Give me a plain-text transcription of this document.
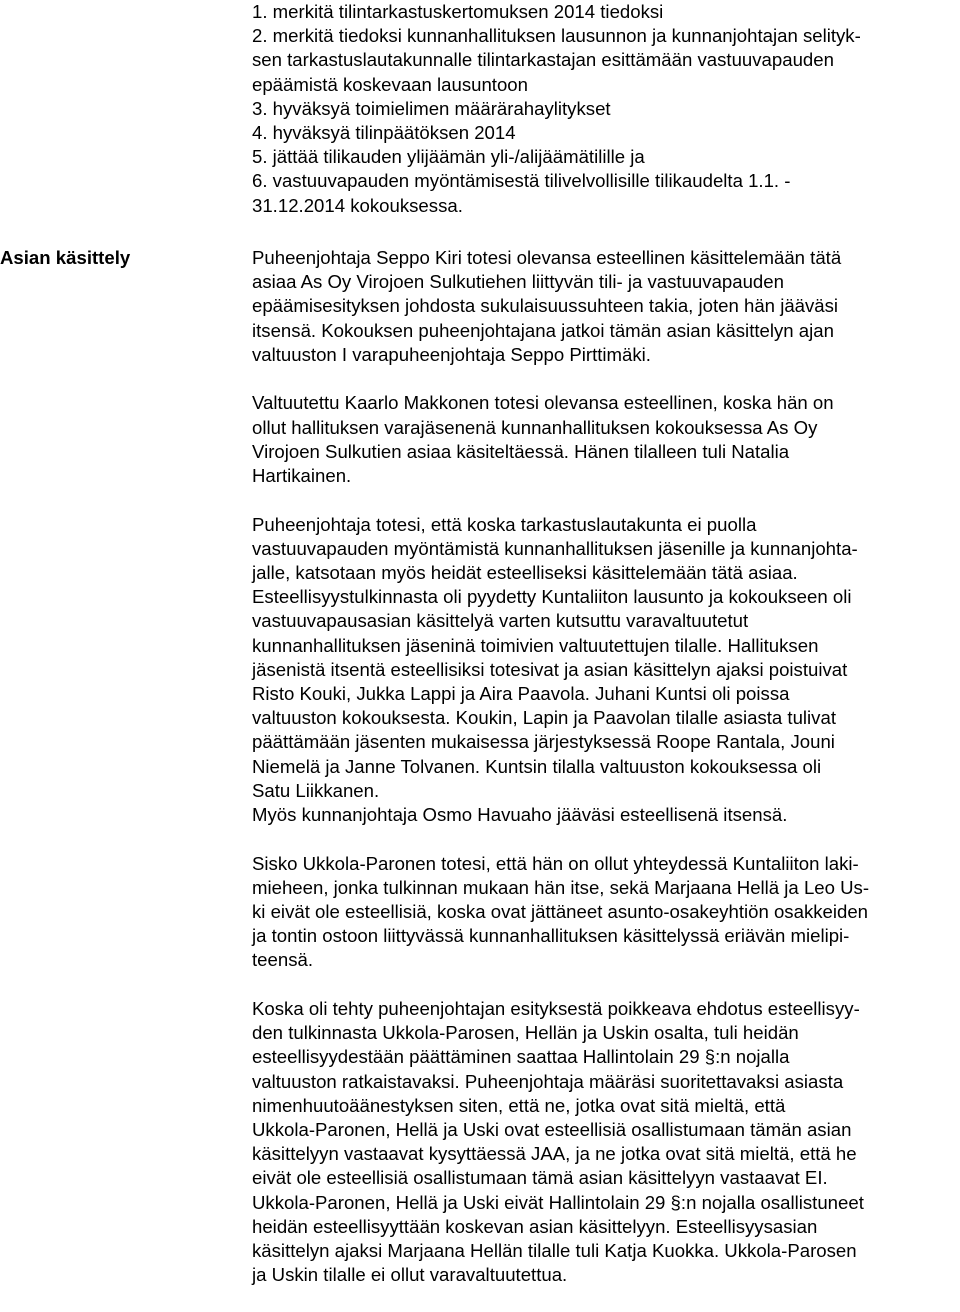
1. merkitä tilintarkastuskertomuksen 2014 tiedoksi
2. merkitä tiedoksi kunnanhallituksen lausunnon ja kunnanjohtajan selityk-
sen tarkastuslautakunnalle tilintarkastajan esittämään vastuuvapauden
epäämistä koskevaan lausuntoon
3. hyväksyä toimielimen määrärahaylitykset
4. hyväksyä tilinpäätöksen 2014
5. jättää tilikauden ylijäämän yli-/alijäämätilille ja
6. vastuuvapauden myöntämisestä tilivelvollisille tilikaudelta 1.1. -
31.12.2014 kokouksessa.
Asian käsittely	Puheenjohtaja Seppo Kiri totesi olevansa esteellinen käsittelemään tätä
asiaa As Oy Virojoen Sulkutiehen liittyvän tili- ja vastuuvapauden
epäämisesityksen johdosta sukulaisuussuhteen takia, joten hän jääväsi
itsensä. Kokouksen puheenjohtajana jatkoi tämän asian käsittelyn ajan
valtuuston I varapuheenjohtaja Seppo Pirttimäki.

Valtuutettu Kaarlo Makkonen totesi olevansa esteellinen, koska hän on
ollut hallituksen varajäsenenä kunnanhallituksen kokouksessa As Oy
Virojoen Sulkutien asiaa käsiteltäessä. Hänen tilalleen tuli Natalia
Hartikainen.

Puheenjohtaja totesi, että koska tarkastuslautakunta ei puolla
vastuuvapauden myöntämistä kunnanhallituksen jäsenille ja kunnanjohta-
jalle, katsotaan myös heidät esteelliseksi käsittelemään tätä asiaa.
Esteellisyystulkinnasta oli pyydetty Kuntaliiton lausunto ja kokoukseen oli
vastuuvapausasian käsittelyä varten kutsuttu varavaltuutetut
kunnanhallituksen jäseninä toimivien valtuutettujen tilalle. Hallituksen
jäsenistä itsentä esteellisiksi totesivat ja asian käsittelyn ajaksi poistuivat
Risto Kouki, Jukka Lappi ja Aira Paavola. Juhani Kuntsi oli poissa
valtuuston kokouksesta. Koukin, Lapin ja Paavolan tilalle asiasta tulivat
päättämään jäsenten mukaisessa järjestyksessä Roope Rantala, Jouni
Niemelä ja Janne Tolvanen. Kuntsin tilalla valtuuston kokouksessa oli
Satu Liikkanen.
Myös kunnanjohtaja Osmo Havuaho jääväsi esteellisenä itsensä.

Sisko Ukkola-Paronen totesi, että hän on ollut yhteydessä Kuntaliiton laki-
mieheen, jonka tulkinnan mukaan hän itse, sekä Marjaana Hellä ja Leo Us-
ki eivät ole esteellisiä, koska ovat jättäneet asunto-osakeyhtiön osakkeiden
ja tontin ostoon liittyvässä kunnanhallituksen käsittelyssä eriävän mielipi-
teensä.

Koska oli tehty puheenjohtajan esityksestä poikkeava ehdotus esteellisyy-
den tulkinnasta Ukkola-Parosen, Hellän ja Uskin osalta, tuli heidän
esteellisyydestään päättäminen saattaa Hallintolain 29 §:n nojalla
valtuuston ratkaistavaksi. Puheenjohtaja määräsi suoritettavaksi asiasta
nimenhuutoäänestyksen siten, että ne, jotka ovat sitä mieltä, että
Ukkola-Paronen, Hellä ja Uski ovat esteellisiä osallistumaan tämän asian
käsittelyyn vastaavat kysyttäessä JAA, ja ne jotka ovat sitä mieltä, että he
eivät ole esteellisiä osallistumaan tämä asian käsittelyyn vastaavat EI.
Ukkola-Paronen, Hellä ja Uski eivät Hallintolain 29 §:n nojalla osallistuneet
heidän esteellisyyttään koskevan asian käsittelyyn. Esteellisyysasian
käsittelyn ajaksi Marjaana Hellän tilalle tuli Katja Kuokka. Ukkola-Parosen
ja Uskin tilalle ei ollut varavaltuutettua.
